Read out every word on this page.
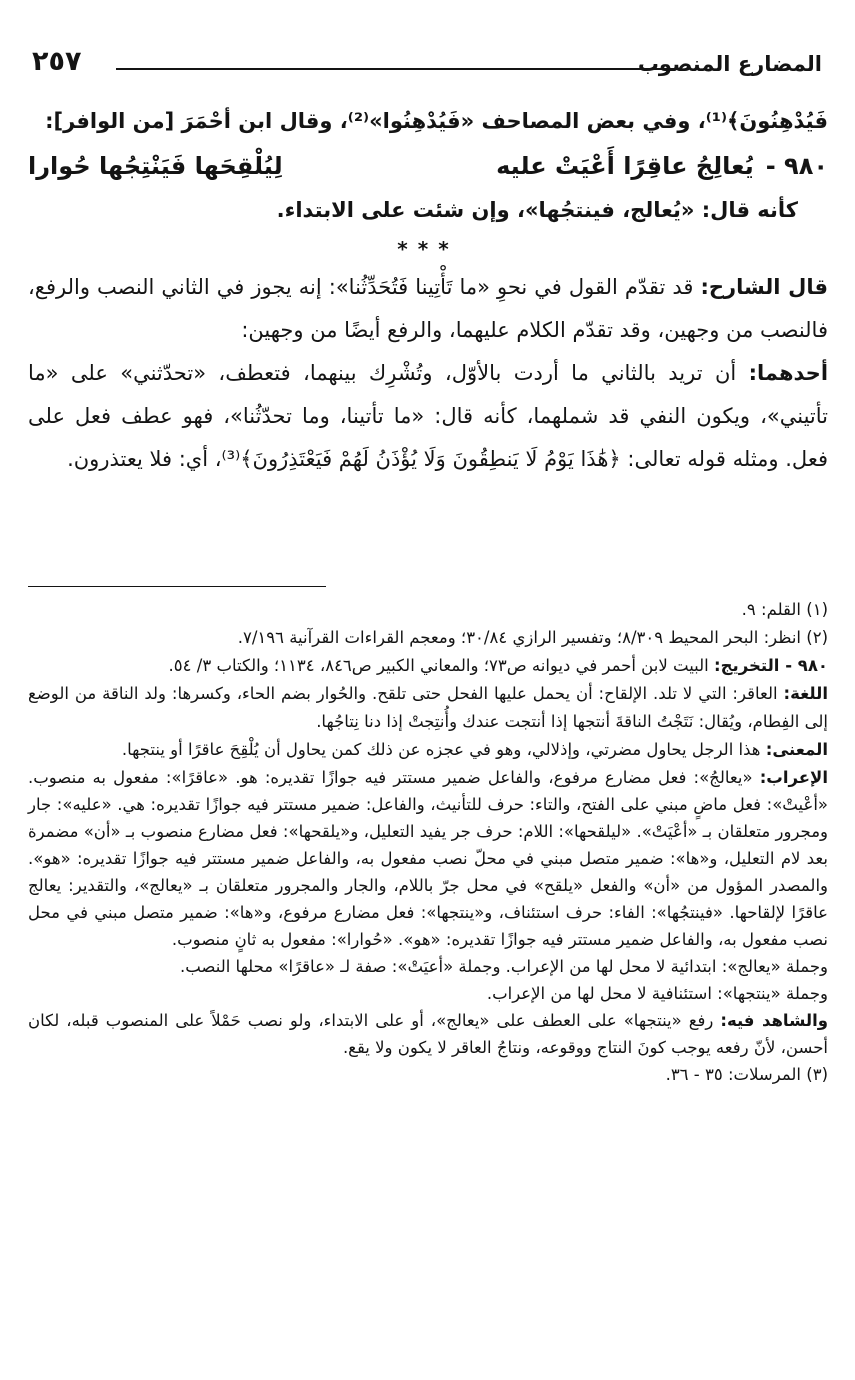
المضارع المنصوب
٢٥٧

فَيُدْهِنُونَ﴾⁽¹⁾، وفي بعض المصاحف «فَيُدْهِنُوا»⁽²⁾، وقال ابن أحْمَرَ [من الوافر]:

٩٨٠ -
يُعالِجُ عاقِرًا أَعْيَتْ عليه
لِيُلْقِحَها فَيَنْتِجُها حُوارا

كأنه قال: «يُعالج، فينتجُها»، وإن شئت على الابتداء.

***

قال الشارح: قد تقدّم القول في نحوِ «ما تَأْتِينا فَتُحَدِّثُنا»: إنه يجوز في الثاني النصب والرفع، فالنصب من وجهين، وقد تقدّم الكلام عليهما، والرفع أيضًا من وجهين:

أحدهما: أن تريد بالثاني ما أردت بالأوّل، وتُشْرِك بينهما، فتعطف، «تحدّثني» على «ما تأتيني»، ويكون النفي قد شملهما، كأنه قال: «ما تأتينا، وما تحدّثُنا»، فهو عطف فعل على فعل. ومثله قوله تعالى: ﴿هَٰذَا يَوْمُ لَا يَنطِقُونَ وَلَا يُؤْذَنُ لَهُمْ فَيَعْتَذِرُونَ﴾⁽³⁾، أي: فلا يعتذرون.

(١) القلم: ٩.

(٢) انظر: البحر المحيط ٨/٣٠٩؛ وتفسير الرازي ٣٠/٨٤؛ ومعجم القراءات القرآنية ٧/١٩٦.

٩٨٠ - التخريج: البيت لابن أحمر في ديوانه ص٧٣؛ والمعاني الكبير ص٨٤٦، ١١٣٤؛ والكتاب ٣/ ٥٤.

اللغة: العاقر: التي لا تلد. الإلقاح: أن يحمل عليها الفحل حتى تلقح. والحُوار بضم الحاء، وكسرها: ولد الناقة من الوضع إلى الفِطام، ويُقال: نَتَجْتُ الناقةَ أنتجها إذا أنتجت عندك وأُنتِجتْ إذا دنا نِتاجُها.

المعنى: هذا الرجل يحاول مضرتي، وإذلالي، وهو في عجزه عن ذلك كمن يحاول أن يُلْقِحَ عاقرًا أو ينتجها.

الإعراب: «يعالجُ»: فعل مضارع مرفوع، والفاعل ضمير مستتر فيه جوازًا تقديره: هو. «عاقرًا»: مفعول به منصوب. «أعْيتْ»: فعل ماضٍ مبني على الفتح، والتاء: حرف للتأنيث، والفاعل: ضمير مستتر فيه جوازًا تقديره: هي. «عليه»: جار ومجرور متعلقان بـ «أعْيَتْ». «ليلقحها»: اللام: حرف جر يفيد التعليل، و«يلقحها»: فعل مضارع منصوب بـ «أن» مضمرة بعد لام التعليل، و«ها»: ضمير متصل مبني في محلّ نصب مفعول به، والفاعل ضمير مستتر فيه جوازًا تقديره: «هو». والمصدر المؤول من «أن» والفعل «يلقح» في محل جرّ باللام، والجار والمجرور متعلقان بـ «يعالج»، والتقدير: يعالج عاقرًا لإلقاحها. «فينتجُها»: الفاء: حرف استئناف، و«ينتجها»: فعل مضارع مرفوع، و«ها»: ضمير متصل مبني في محل نصب مفعول به، والفاعل ضمير مستتر فيه جوازًا تقديره: «هو». «حُوارا»: مفعول به ثانٍ منصوب.

وجملة «يعالج»: ابتدائية لا محل لها من الإعراب. وجملة «أعيَتْ»: صفة لـ «عاقرًا» محلها النصب.

وجملة «ينتجها»: استئنافية لا محل لها من الإعراب.

والشاهد فيه: رفع «ينتجها» على العطف على «يعالج»، أو على الابتداء، ولو نصب حَمْلاً على المنصوب قبله، لكان أحسن، لأنّ رفعه يوجب كونَ النتاج ووقوعه، ونتاجُ العاقر لا يكون ولا يقع.

(٣) المرسلات: ٣٥ - ٣٦.
